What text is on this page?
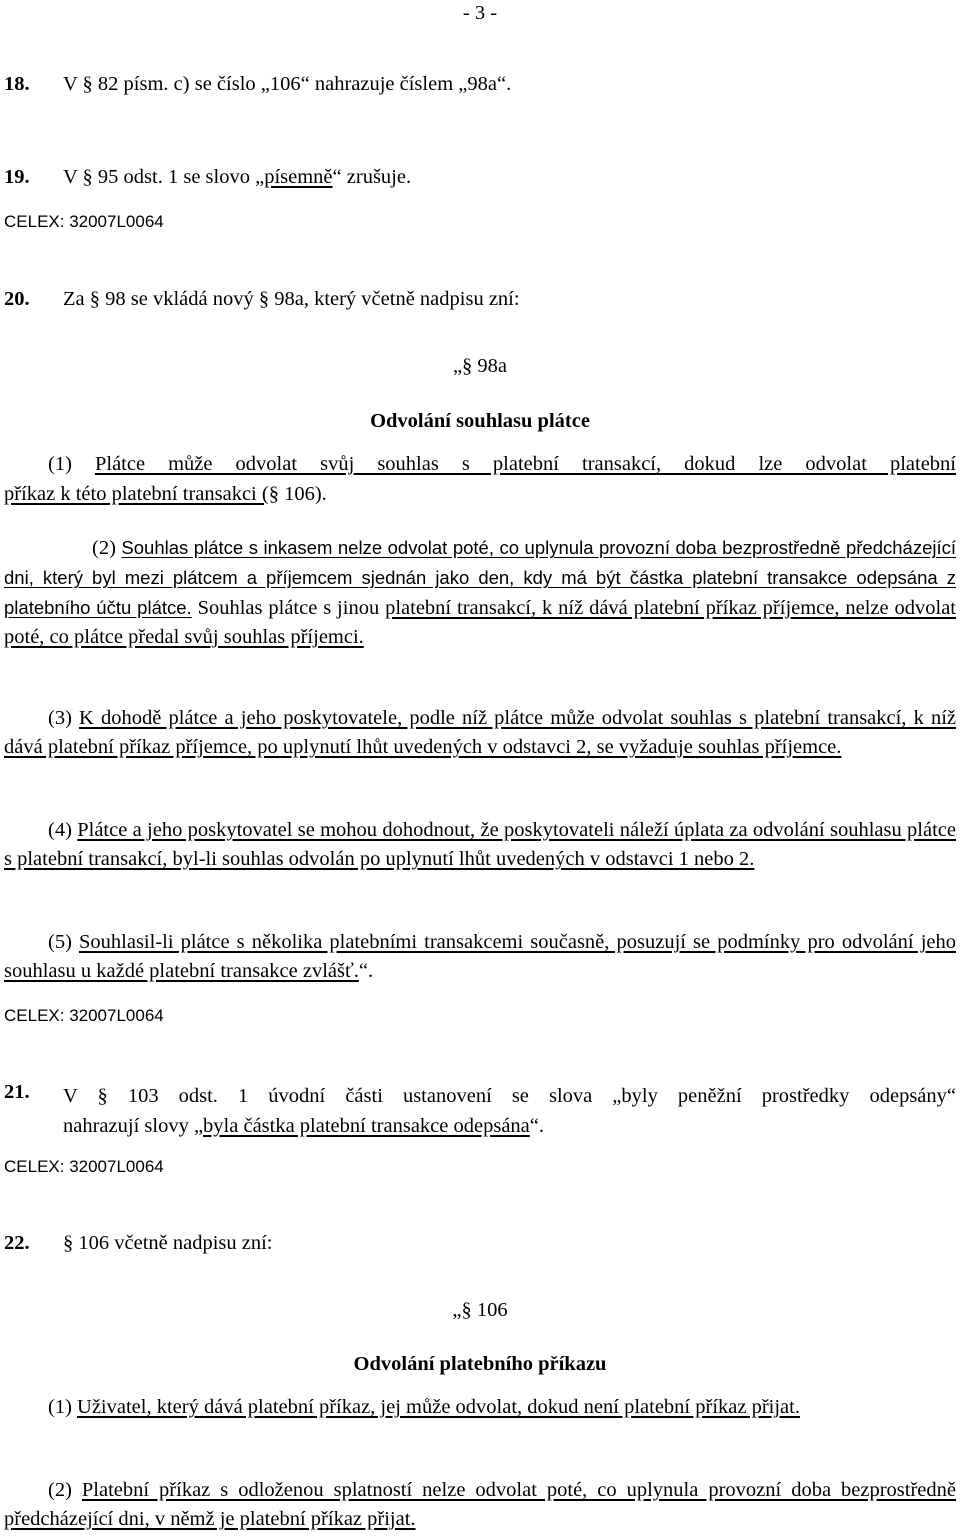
- 3 -
18. V § 82 písm. c) se číslo „106“ nahrazuje číslem „98a“.
19. V § 95 odst. 1 se slovo „písemně“ zrušuje.
CELEX: 32007L0064
20. Za § 98 se vkládá nový § 98a, který včetně nadpisu zní:
„§ 98a
Odvolání souhlasu plátce
(1) Plátce může odvolat svůj souhlas s platební transakcí, dokud lze odvolat platební
příkaz k této platební transakci (§ 106).
(2) Souhlas plátce s inkasem nelze odvolat poté, co uplynula provozní doba bezprostředně předcházející dni, který byl mezi plátcem a příjemcem sjednán jako den, kdy má být částka platební transakce odepsána z platebního účtu plátce. Souhlas plátce s jinou platební transakcí, k níž dává platební příkaz příjemce, nelze odvolat poté, co plátce předal svůj souhlas příjemci.
(3) K dohodě plátce a jeho poskytovatele, podle níž plátce může odvolat souhlas s platební transakcí, k níž dává platební příkaz příjemce, po uplynutí lhůt uvedených v odstavci 2, se vyžaduje souhlas příjemce.
(4) Plátce a jeho poskytovatel se mohou dohodnout, že poskytovateli náleží úplata za odvolání souhlasu plátce s platební transakcí, byl-li souhlas odvolán po uplynutí lhůt uvedených v odstavci 1 nebo 2.
(5) Souhlasil-li plátce s několika platebními transakcemi současně, posuzují se podmínky pro odvolání jeho souhlasu u každé platební transakce zvlášť.“.
CELEX: 32007L0064
21. V § 103 odst. 1 úvodní části ustanovení se slova „byly peněžní prostředky odepsány“
nahrazují slovy „byla částka platební transakce odepsána“.
CELEX: 32007L0064
22. § 106 včetně nadpisu zní:
„§ 106
Odvolání platebního příkazu
(1) Uživatel, který dává platební příkaz, jej může odvolat, dokud není platební příkaz přijat.
(2) Platební příkaz s odloženou splatností nelze odvolat poté, co uplynula provozní doba bezprostředně předcházející dni, v němž je platební příkaz přijat.
